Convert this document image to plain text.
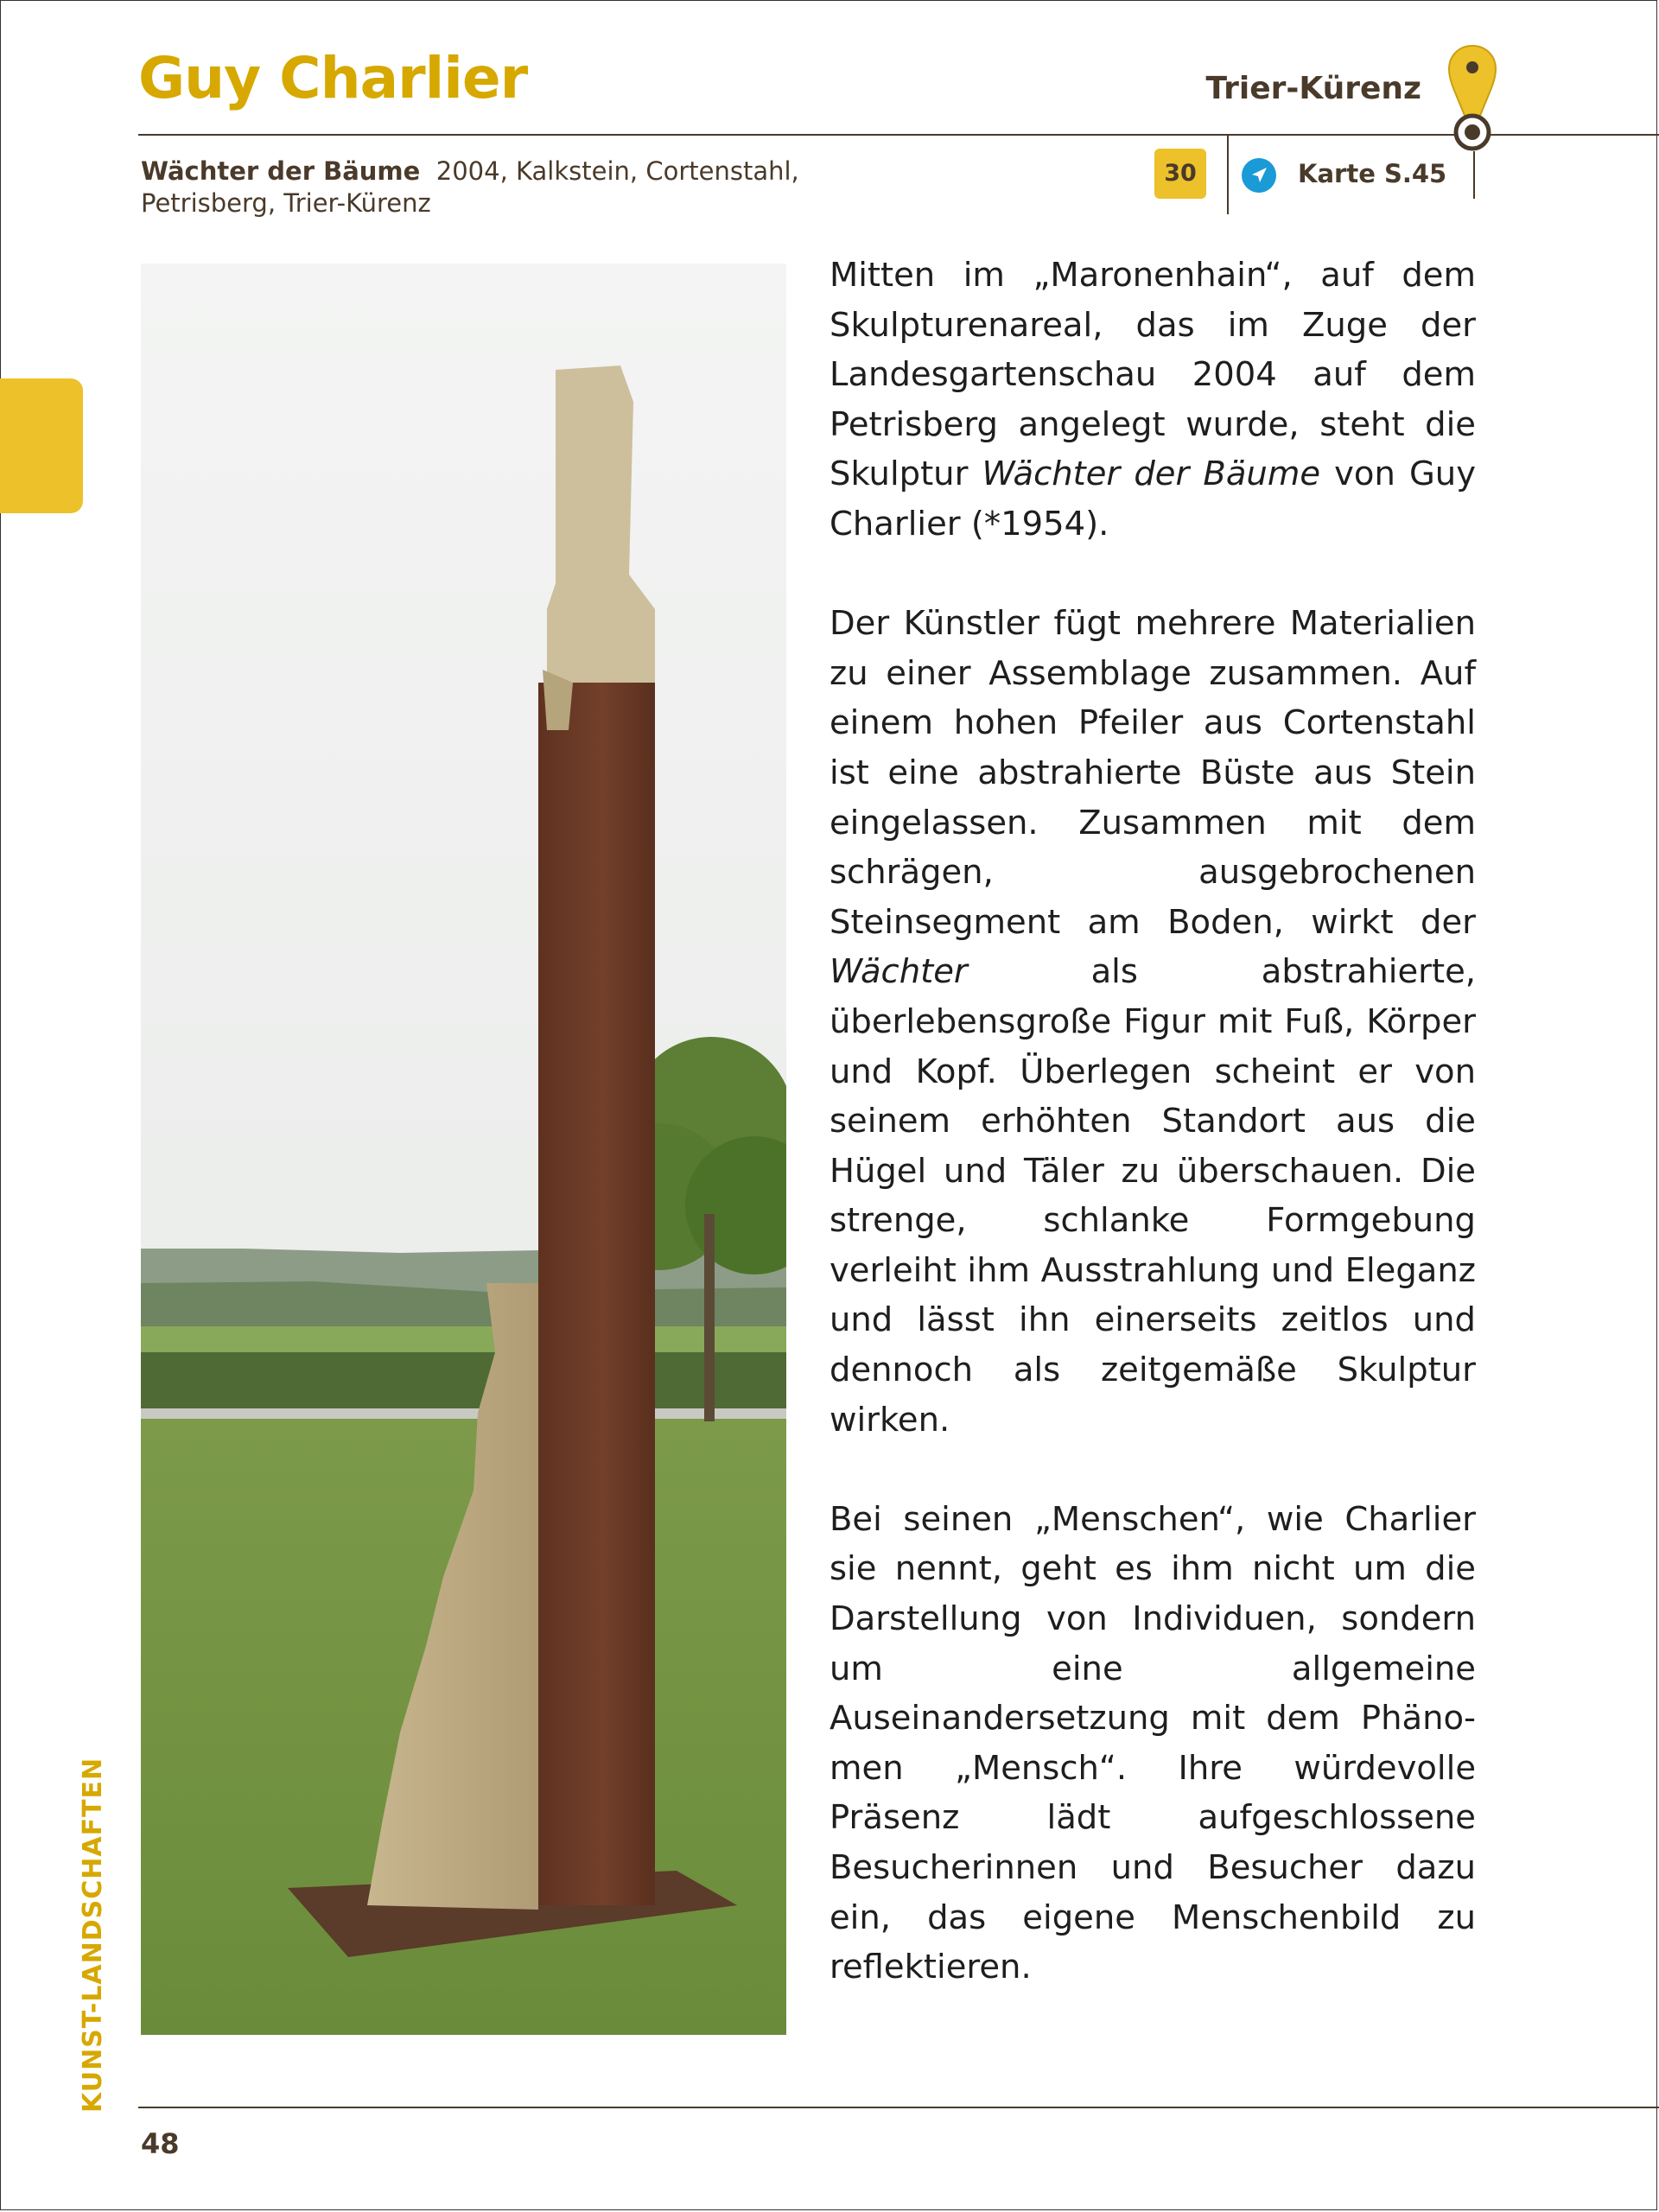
Guy Charlier	Trier-Kürenz
Wächter der Bäume 2004, Kalkstein, Cortenstahl,
Petrisberg, Trier-Kürenz
30	Karte S.45
KUNST-LANDSCHAFTEN

Mitten im „Maronenhain“, auf dem Skulpturenareal, das im Zuge der Landesgartenschau 2004 auf dem Petrisberg angelegt wurde, steht die Skulptur Wächter der Bäume von Guy Charlier (*1954).

Der Künstler fügt mehrere Materialien zu einer Assemblage zusammen. Auf einem hohen Pfeiler aus Cortenstahl ist eine abstrahierte Büste aus Stein eingelassen. Zusammen mit dem schrägen, ausgebrochenen Steinsegment am Boden, wirkt der Wächter als abstrahierte, überlebensgroße Figur mit Fuß, Körper und Kopf. Überlegen scheint er von seinem erhöhten Standort aus die Hügel und Täler zu überschauen. Die strenge, schlanke Formgebung verleiht ihm Ausstrahlung und Eleganz und lässt ihn einerseits zeitlos und dennoch als zeitgemäße Skulptur wirken.

Bei seinen „Menschen“, wie Charlier sie nennt, geht es ihm nicht um die Darstellung von Individuen, sondern um eine allgemeine Auseinandersetzung mit dem Phänomen „Mensch“. Ihre würdevolle Präsenz lädt aufgeschlossene Besucherinnen und Besucher dazu ein, das eigene Menschenbild zu reflektieren.

48
